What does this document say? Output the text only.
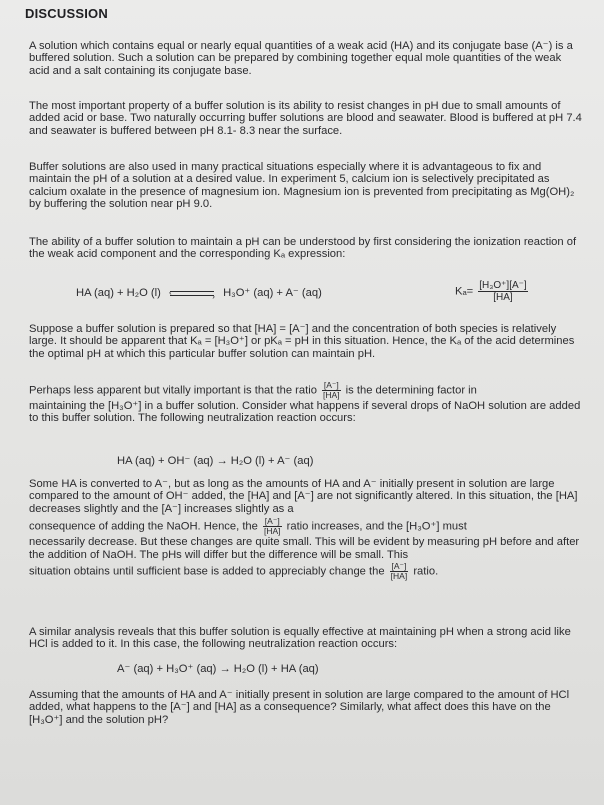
DISCUSSION

A solution which contains equal or nearly equal quantities of a weak acid (HA) and its conjugate base (A⁻) is a buffered solution. Such a solution can be prepared by combining together equal mole quantities of the weak acid and a salt containing its conjugate base.

The most important property of a buffer solution is its ability to resist changes in pH due to small amounts of added acid or base. Two naturally occurring buffer solutions are blood and seawater. Blood is buffered at pH 7.4 and seawater is buffered between pH 8.1- 8.3 near the surface.

Buffer solutions are also used in many practical situations especially where it is advantageous to fix and maintain the pH of a solution at a desired value. In experiment 5, calcium ion is selectively precipitated as calcium oxalate in the presence of magnesium ion. Magnesium ion is prevented from precipitating as Mg(OH)₂ by buffering the solution near pH 9.0.

The ability of a buffer solution to maintain a pH can be understood by first considering the ionization reaction of the weak acid component and the corresponding Kₐ expression:

HA (aq) + H₂O (l) ‹	› H₃O⁺ (aq) + A⁻ (aq)	$K_a= \frac{\text{[H₃O⁺][A⁻]}}{[HA]}$

Suppose a buffer solution is prepared so that [HA] = [A⁻] and the concentration of both species is relatively large. It should be apparent that Kₐ = [H₃O⁺] or pKₐ = pH in this situation. Hence, the Kₐ of the acid determines the optimal pH at which this particular buffer solution can maintain pH.

Perhaps less apparent but vitally important is that the ratio $\frac{[A^-]}{[HA]}$ is the determining factor in
maintaining the [H₃O⁺] in a buffer solution. Consider what happens if several drops of NaOH solution are added to this buffer solution. The following neutralization reaction occurs:
HA (aq) + OH⁻ (aq) → H₂O (l) + A⁻ (aq)
Some HA is converted to A⁻, but as long as the amounts of HA and A⁻ initially present in solution are large compared to the amount of OH⁻ added, the [HA] and [A⁻] are not significantly altered. In this situation, the [HA] decreases slightly and the [A⁻] increases slightly as a
consequence of adding the NaOH. Hence, the $\frac{[A^-]}{[HA]}$ ratio increases, and the [H₃O⁺] must
necessarily decrease. But these changes are quite small. This will be evident by measuring pH before and after the addition of NaOH. The pHs will differ but the difference will be small. This
situation obtains until sufficient base is added to appreciably change the $\frac{[A^-]}{[HA]}$ ratio.

A similar analysis reveals that this buffer solution is equally effective at maintaining pH when a strong acid like HCl is added to it. In this case, the following neutralization reaction occurs:

A⁻ (aq) + H₃O⁺ (aq) → H₂O (l) + HA (aq)

Assuming that the amounts of HA and A⁻ initially present in solution are large compared to the amount of HCl added, what happens to the [A⁻] and [HA] as a consequence? Similarly, what affect does this have on the [H₃O⁺] and the solution pH?
